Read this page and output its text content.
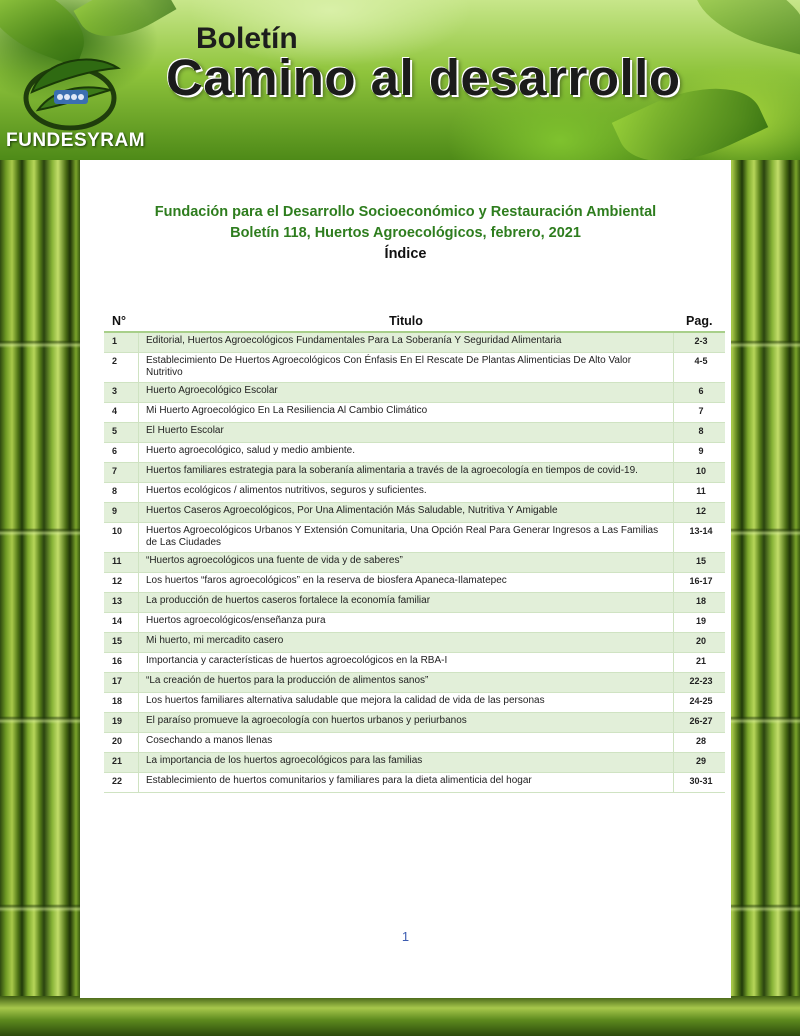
FUNDESYRAM
Boletín
Camino al desarrollo
Fundación para el Desarrollo Socioeconómico y Restauración Ambiental
Boletín 118, Huertos Agroecológicos, febrero, 2021
Índice
N°	Titulo	Pag.
1	Editorial, Huertos Agroecológicos Fundamentales Para La Soberanía Y Seguridad Alimentaria	2-3
2	Establecimiento De Huertos Agroecológicos Con Énfasis En El Rescate De Plantas Alimenticias De Alto Valor Nutritivo	4-5
3	Huerto Agroecológico Escolar	6
4	Mi Huerto Agroecológico En La Resiliencia Al Cambio Climático	7
5	El Huerto Escolar	8
6	Huerto agroecológico, salud y medio ambiente.	9
7	Huertos familiares estrategia para la soberanía alimentaria a través de la agroecología en tiempos de covid-19.	10
8	Huertos ecológicos / alimentos nutritivos, seguros y suficientes.	11
9	Huertos Caseros Agroecológicos, Por Una Alimentación Más Saludable, Nutritiva Y Amigable	12
10	Huertos Agroecológicos Urbanos Y Extensión Comunitaria, Una Opción Real Para Generar Ingresos a Las Familias de Las Ciudades	13-14
11	“Huertos agroecológicos una fuente de vida y de saberes”	15
12	Los huertos “faros agroecológicos” en la reserva de biosfera Apaneca-Ilamatepec	16-17
13	La producción de huertos caseros fortalece la economía familiar	18
14	Huertos agroecológicos/enseñanza pura	19
15	Mi huerto, mi mercadito casero	20
16	Importancia y características de huertos agroecológicos en la RBA-I	21
17	“La creación de huertos para la producción de alimentos sanos”	22-23
18	Los huertos familiares alternativa saludable que mejora la calidad de vida de las personas	24-25
19	El paraíso promueve la agroecología con huertos urbanos y periurbanos	26-27
20	Cosechando a manos llenas	28
21	La importancia de los huertos agroecológicos para las familias	29
22	Establecimiento de huertos comunitarios y familiares para la dieta alimenticia del hogar	30-31
1
